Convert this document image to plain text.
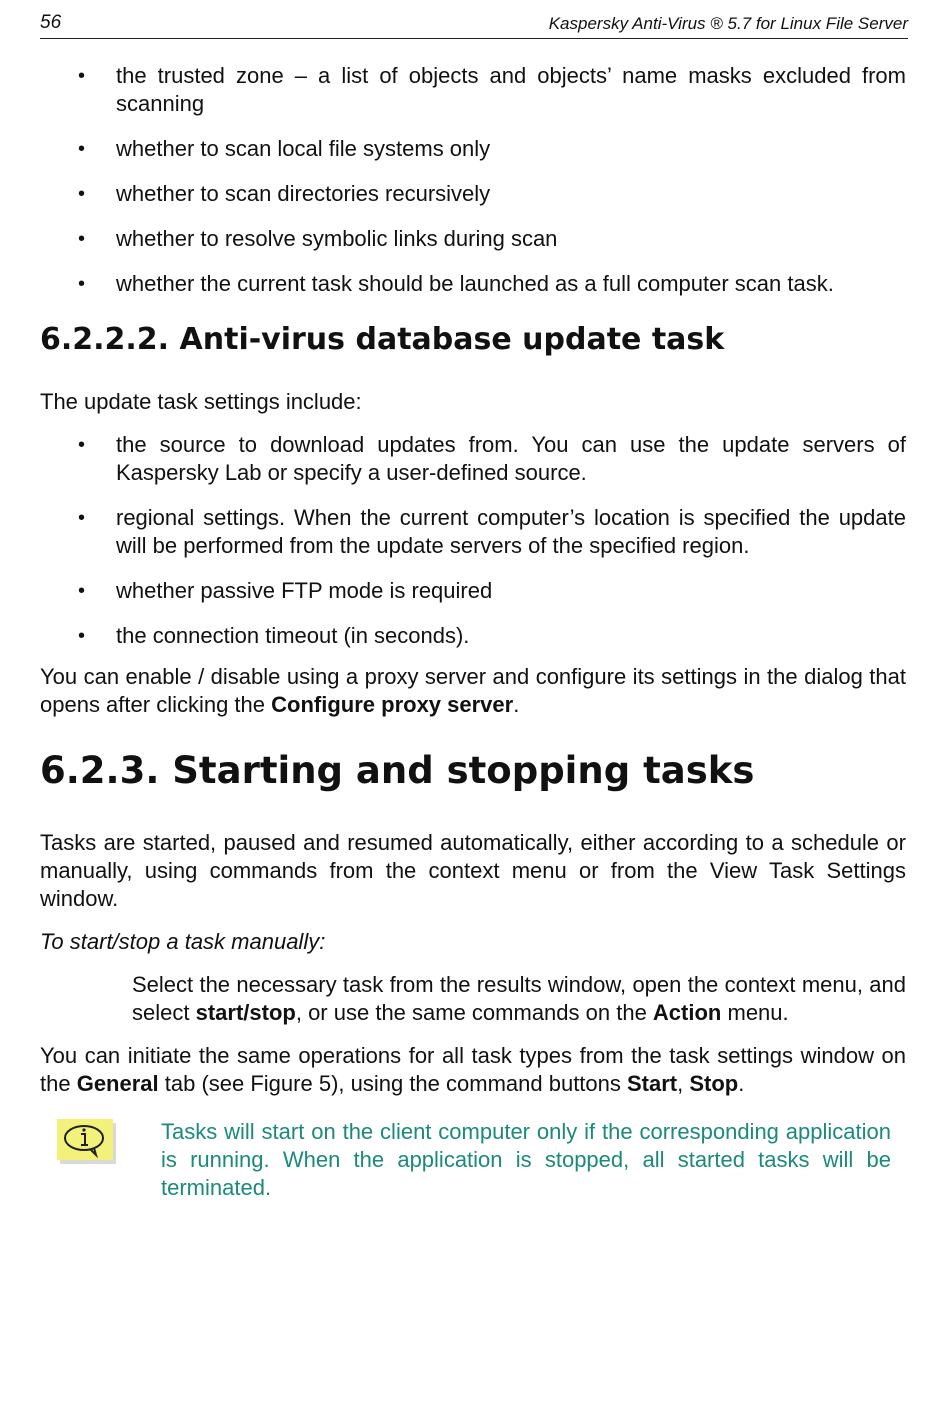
56	Kaspersky Anti-Virus ® 5.7 for Linux File Server
• the trusted zone – a list of objects and objects’ name masks excluded from scanning
• whether to scan local file systems only
• whether to scan directories recursively
• whether to resolve symbolic links during scan
• whether the current task should be launched as a full computer scan task.
6.2.2.2. Anti-virus database update task

The update task settings include:

• the source to download updates from. You can use the update servers of Kaspersky Lab or specify a user-defined source.
• regional settings. When the current computer’s location is specified the update will be performed from the update servers of the specified region.
• whether passive FTP mode is required
• the connection timeout (in seconds).

You can enable / disable using a proxy server and configure its settings in the dialog that opens after clicking the Configure proxy server.

6.2.3. Starting and stopping tasks

Tasks are started, paused and resumed automatically, either according to a schedule or manually, using commands from the context menu or from the View Task Settings window.

To start/stop a task manually:

Select the necessary task from the results window, open the context menu, and select start/stop, or use the same commands on the Action menu.

You can initiate the same operations for all task types from the task settings window on the General tab (see Figure 5), using the command buttons Start, Stop.

Tasks will start on the client computer only if the corresponding application is running. When the application is stopped, all started tasks will be terminated.
